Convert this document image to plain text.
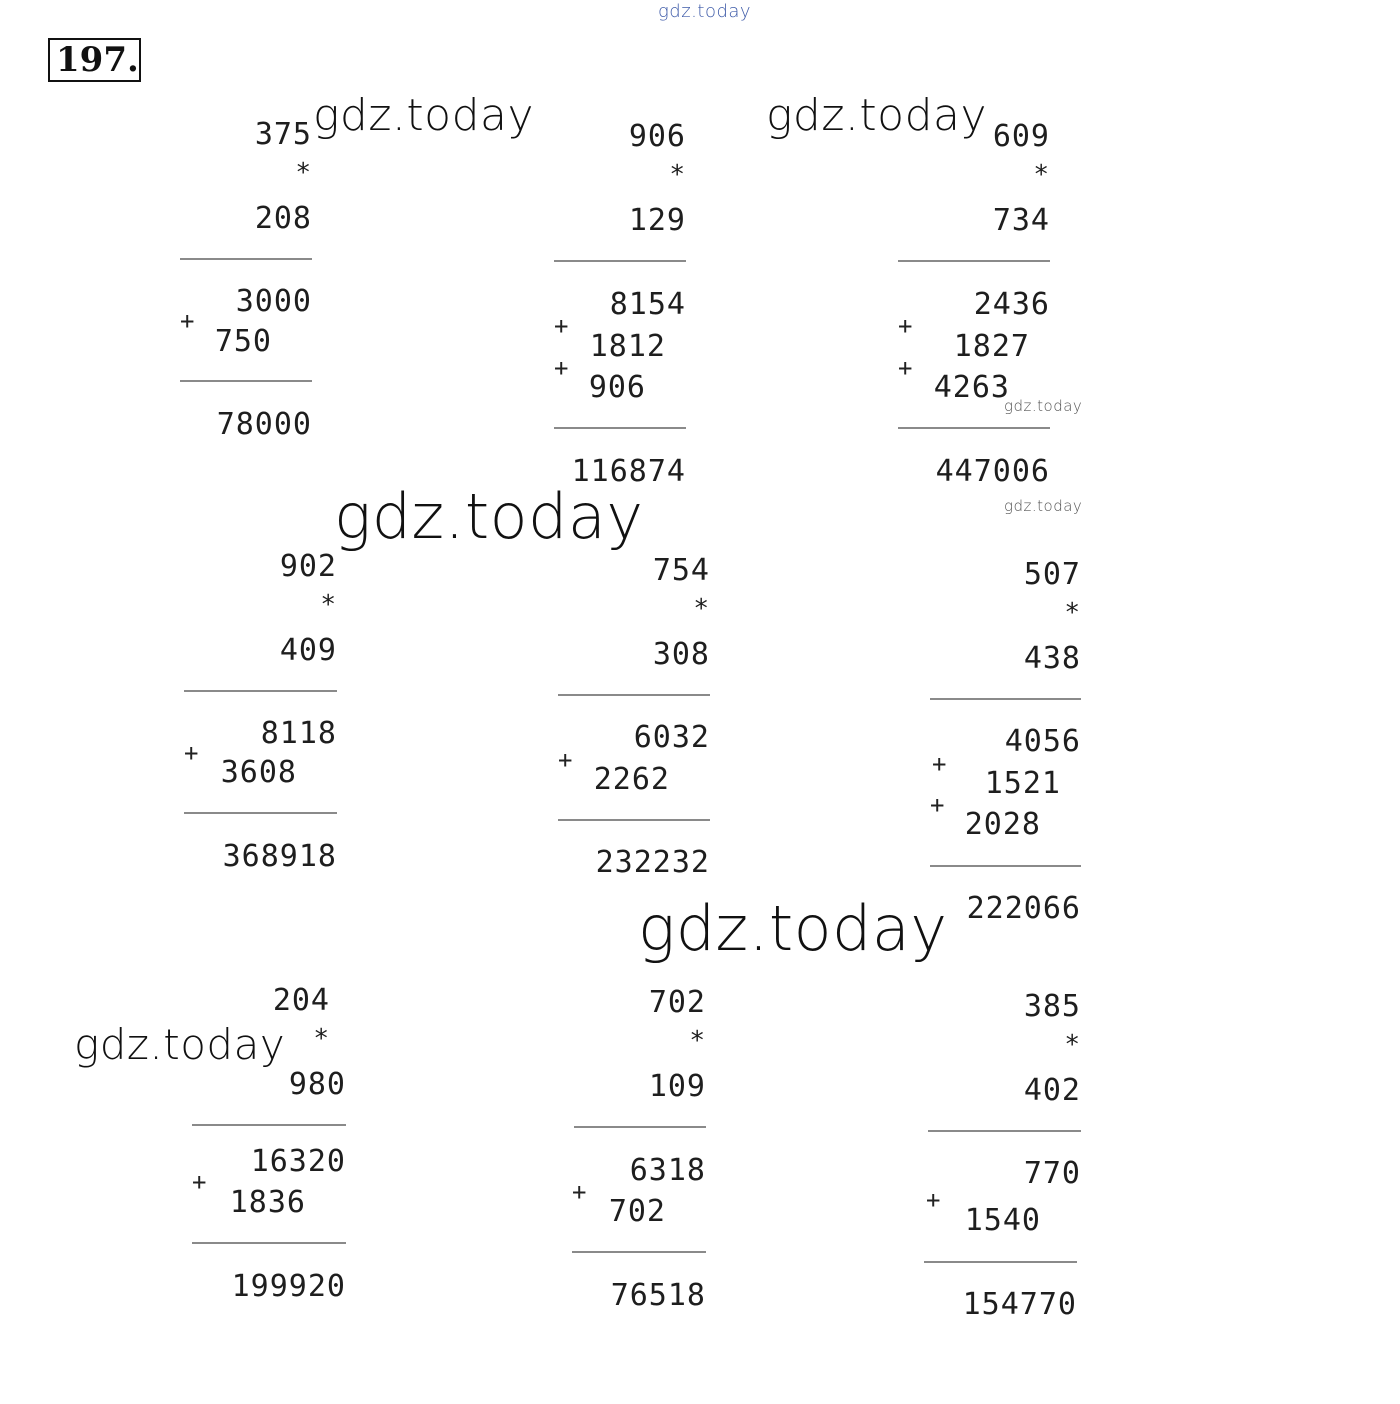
gdz.today
197.
375
*
208
3000
+
750
78000
906
*
129
8154
+
1812
+
906
116874
609
*
734
2436
+
1827
+
4263
447006
902
*
409
8118
+
3608
368918
754
*
308
6032
+
2262
232232
507
*
438
4056
+
1521
+
2028
222066
204
*
980
16320
+
1836
199920
702
*
109
6318
+
702
76518
385
*
402
770
+
1540
154770
gdz.today	gdz.today
gdz.today
gdz.today
gdz.today
gdz.today
gdz.today
